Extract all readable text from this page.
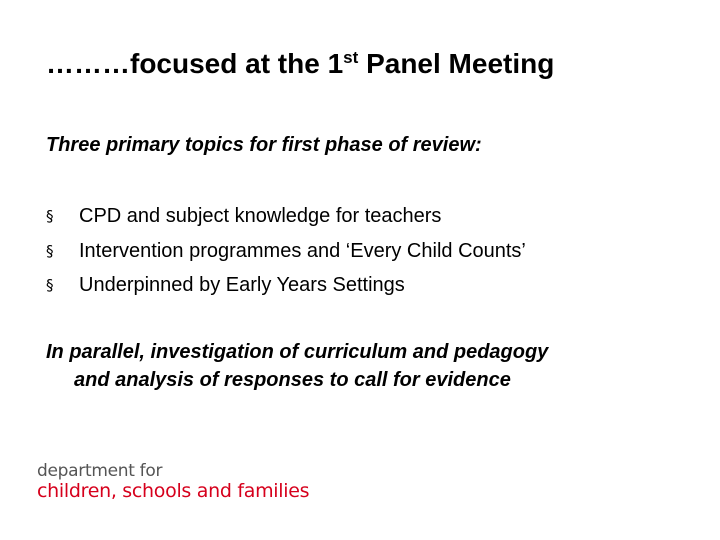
………focused at the 1st Panel Meeting
Three primary topics for first phase of review:
§ CPD and subject knowledge for teachers
§ Intervention programmes and ‘Every Child Counts’
§ Underpinned by Early Years Settings
In parallel, investigation of curriculum and pedagogy
and analysis of responses to call for evidence
department for
children, schools and families
